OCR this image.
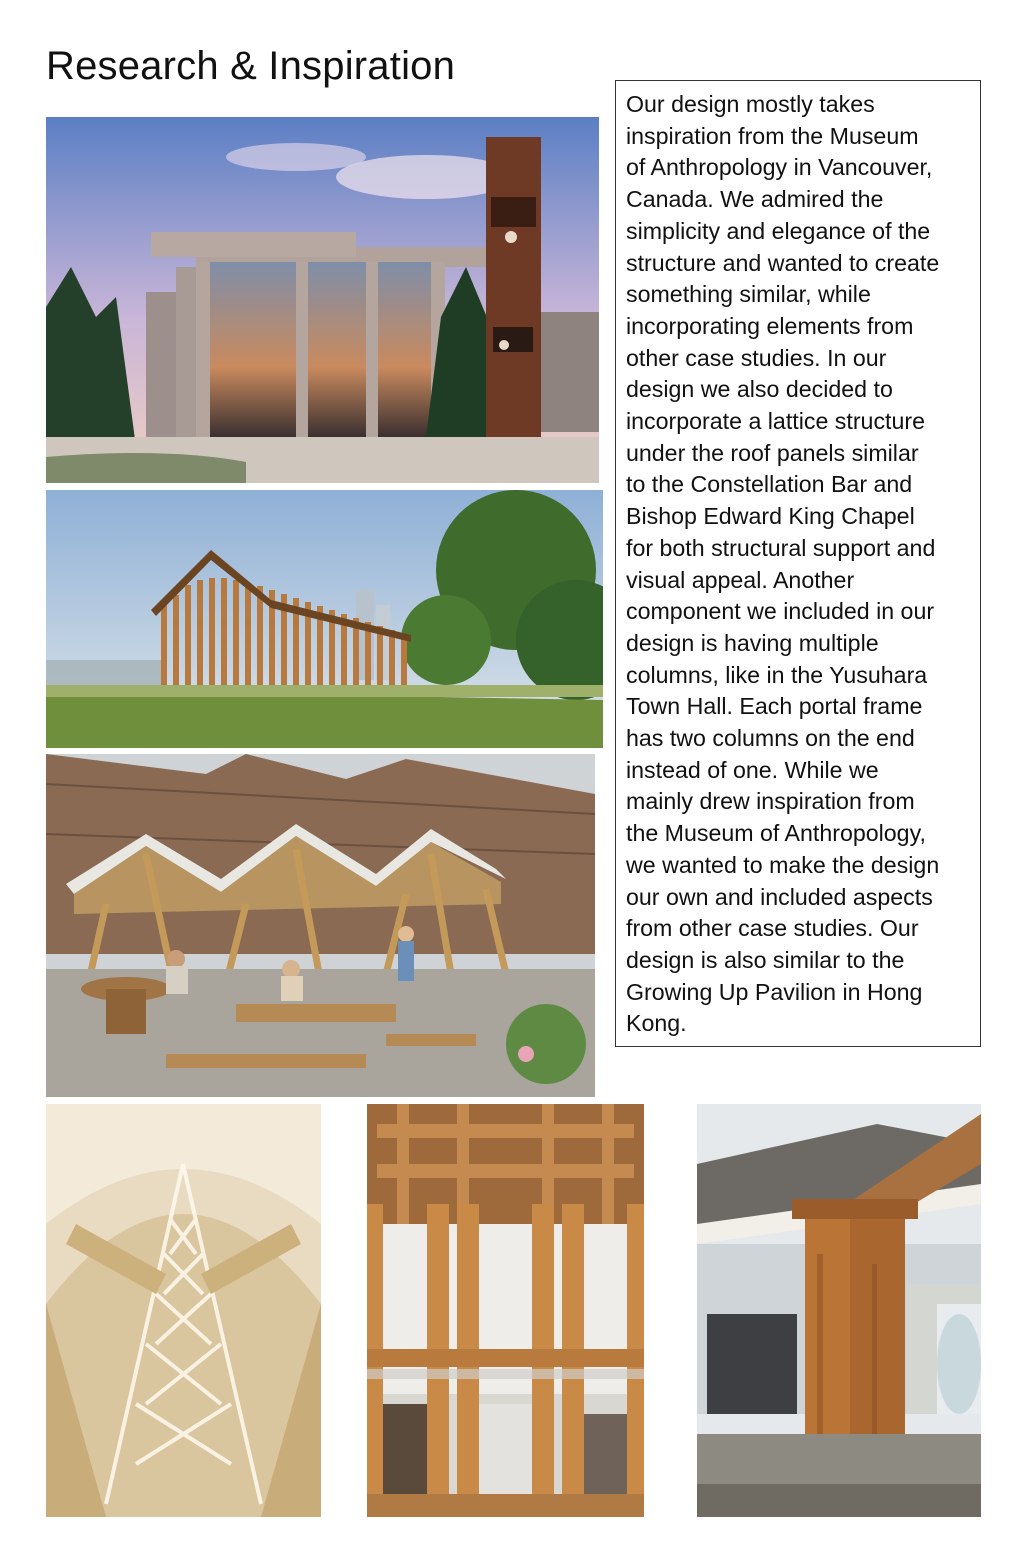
Research & Inspiration
Our design mostly takes
inspiration from the Museum
of Anthropology in Vancouver,
Canada. We admired the
simplicity and elegance of the
structure and wanted to create
something similar, while
incorporating elements from
other case studies. In our
design we also decided to
incorporate a lattice structure
under the roof panels similar
to the Constellation Bar and
Bishop Edward King Chapel
for both structural support and
visual appeal. Another
component we included in our
design is having multiple
columns, like in the Yusuhara
Town Hall. Each portal frame
has two columns on the end
instead of one. While we
mainly drew inspiration from
the Museum of Anthropology,
we wanted to make the design
our own and included aspects
from other case studies. Our
design is also similar to the
Growing Up Pavilion in Hong
Kong.
